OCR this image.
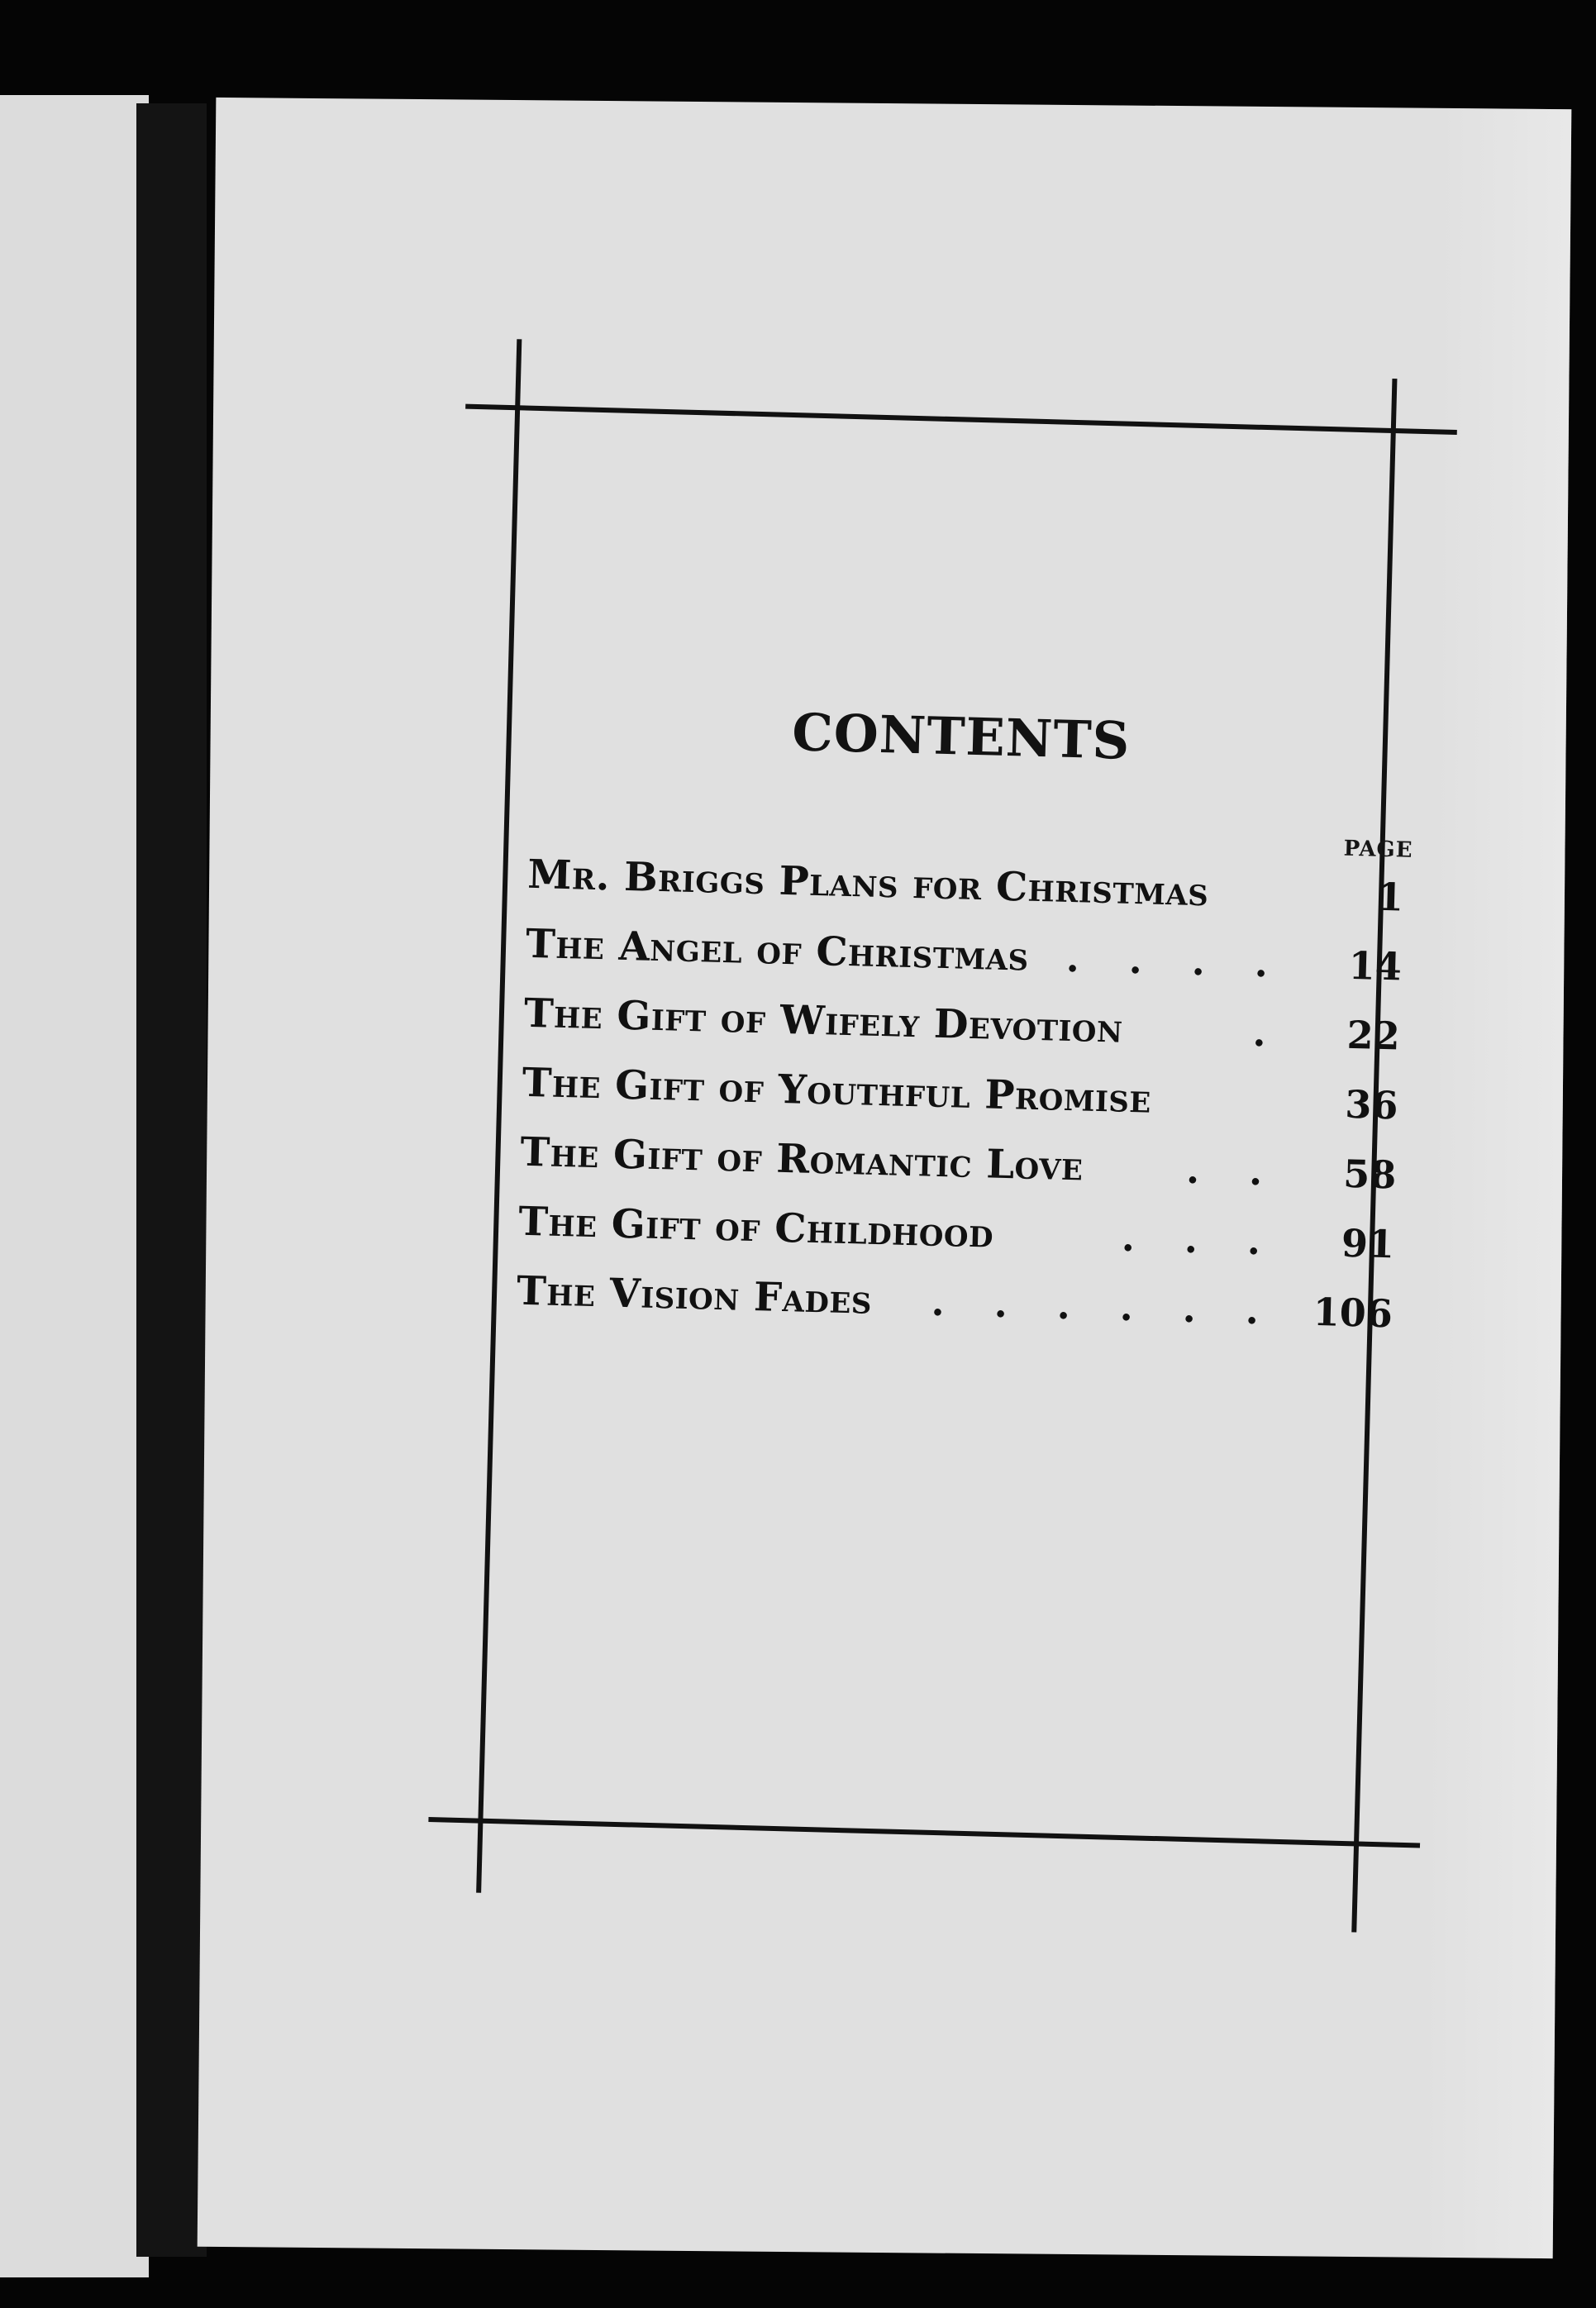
CONTENTS
PAGE
Mr. Briggs Plans for Christmas	1
The Angel of Christmas . . . .	14
The Gift of Wifely Devotion	.	22
The Gift of Youthful Promise	36
The Gift of Romantic Love	. .	58
The Gift of Childhood	. . .	91
The Vision Fades	. . . . . . 106
